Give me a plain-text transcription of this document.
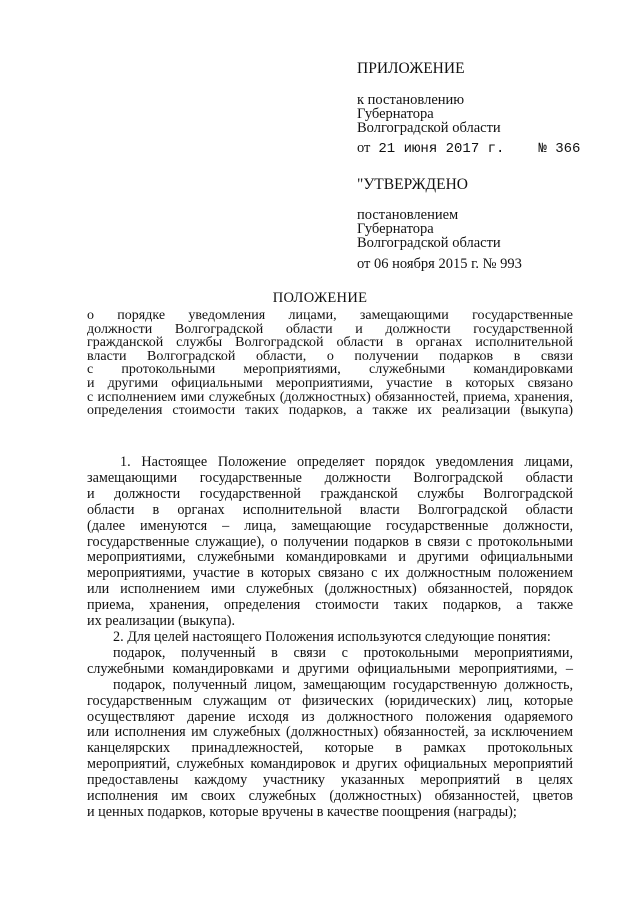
ПРИЛОЖЕНИЕ
к постановлению
Губернатора
Волгоградской области
от 21 июня 2017 г. № 366
"УТВЕРЖДЕНО
постановлением
Губернатора
Волгоградской области
от 06 ноября 2015 г. № 993
ПОЛОЖЕНИЕ
о порядке уведомления лицами, замещающими государственные
должности Волгоградской области и должности государственной
гражданской службы Волгоградской области в органах исполнительной
власти Волгоградской области, о получении подарков в связи
с протокольными мероприятиями, служебными командировками
и другими официальными мероприятиями, участие в которых связано
с исполнением ими служебных (должностных) обязанностей, приема, хранения,
определения стоимости таких подарков, а также их реализации (выкупа)
1. Настоящее Положение определяет порядок уведомления лицами,
замещающими государственные должности Волгоградской области
и должности государственной гражданской службы Волгоградской
области в органах исполнительной власти Волгоградской области
(далее именуются – лица, замещающие государственные должности,
государственные служащие), о получении подарков в связи с протокольными
мероприятиями, служебными командировками и другими официальными
мероприятиями, участие в которых связано с их должностным положением
или исполнением ими служебных (должностных) обязанностей, порядок
приема, хранения, определения стоимости таких подарков, а также
их реализации (выкупа).
2. Для целей настоящего Положения используются следующие понятия:
подарок, полученный в связи с протокольными мероприятиями,
служебными командировками и другими официальными мероприятиями, –
подарок, полученный лицом, замещающим государственную должность,
государственным служащим от физических (юридических) лиц, которые
осуществляют дарение исходя из должностного положения одаряемого
или исполнения им служебных (должностных) обязанностей, за исключением
канцелярских принадлежностей, которые в рамках протокольных
мероприятий, служебных командировок и других официальных мероприятий
предоставлены каждому участнику указанных мероприятий в целях
исполнения им своих служебных (должностных) обязанностей, цветов
и ценных подарков, которые вручены в качестве поощрения (награды);
